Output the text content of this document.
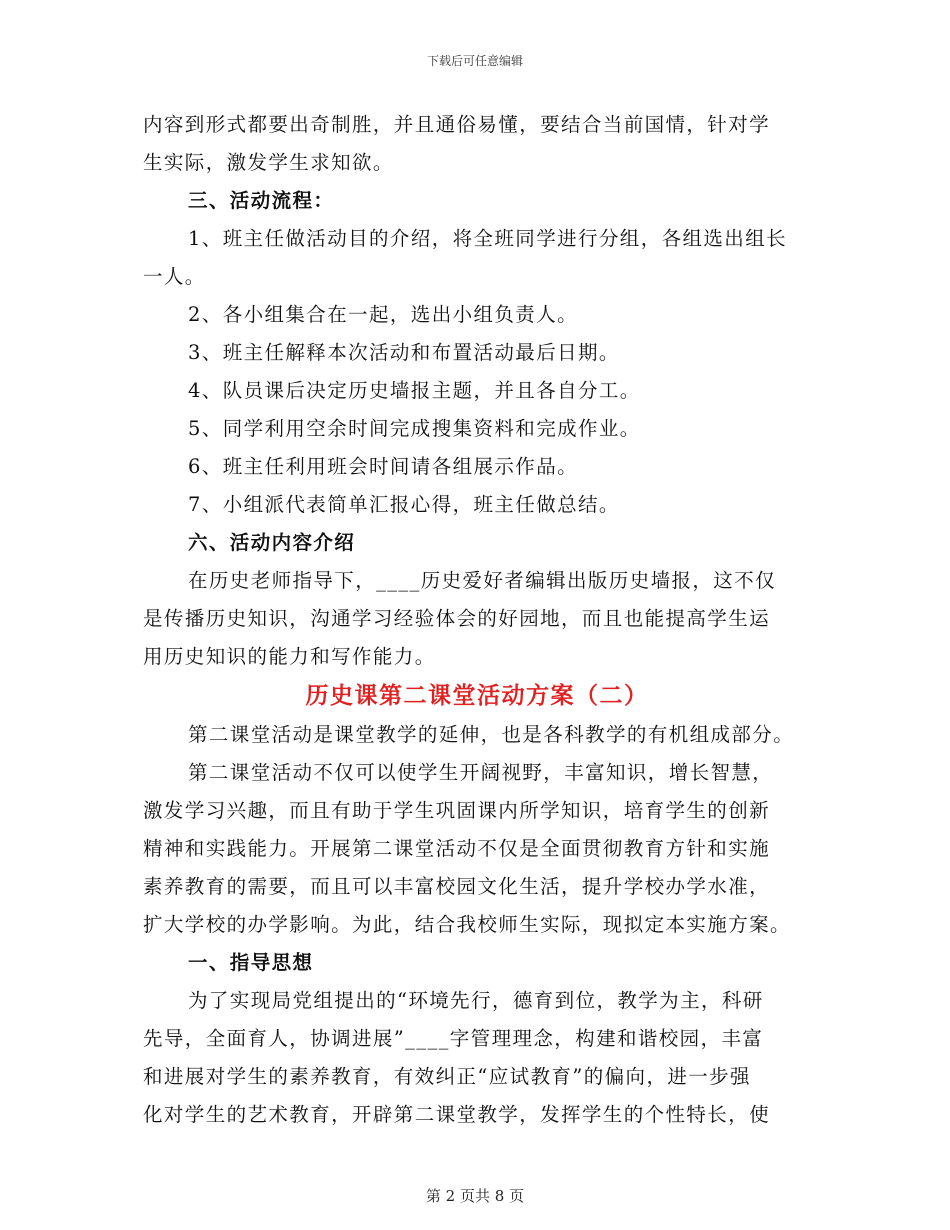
下载后可任意编辑

内容到形式都要出奇制胜，并且通俗易懂，要结合当前国情，针对学

生实际，激发学生求知欲。

三、活动流程：

1、班主任做活动目的介绍，将全班同学进行分组，各组选出组长

一人。

2、各小组集合在一起，选出小组负责人。

3、班主任解释本次活动和布置活动最后日期。

4、队员课后决定历史墙报主题，并且各自分工。

5、同学利用空余时间完成搜集资料和完成作业。

6、班主任利用班会时间请各组展示作品。

7、小组派代表简单汇报心得，班主任做总结。

六、活动内容介绍

在历史老师指导下，____历史爱好者编辑出版历史墙报，这不仅

是传播历史知识，沟通学习经验体会的好园地，而且也能提高学生运

用历史知识的能力和写作能力。

历史课第二课堂活动方案（二）

第二课堂活动是课堂教学的延伸，也是各科教学的有机组成部分。

第二课堂活动不仅可以使学生开阔视野，丰富知识，增长智慧，

激发学习兴趣，而且有助于学生巩固课内所学知识，培育学生的创新

精神和实践能力。开展第二课堂活动不仅是全面贯彻教育方针和实施

素养教育的需要，而且可以丰富校园文化生活，提升学校办学水准，

扩大学校的办学影响。为此，结合我校师生实际，现拟定本实施方案。

一、指导思想

为了实现局党组提出的“环境先行，德育到位，教学为主，科研

先导，全面育人，协调进展”____字管理理念，构建和谐校园，丰富

和进展对学生的素养教育，有效纠正“应试教育”的偏向，进一步强

化对学生的艺术教育，开辟第二课堂教学，发挥学生的个性特长，使

第 2 页共 8 页
